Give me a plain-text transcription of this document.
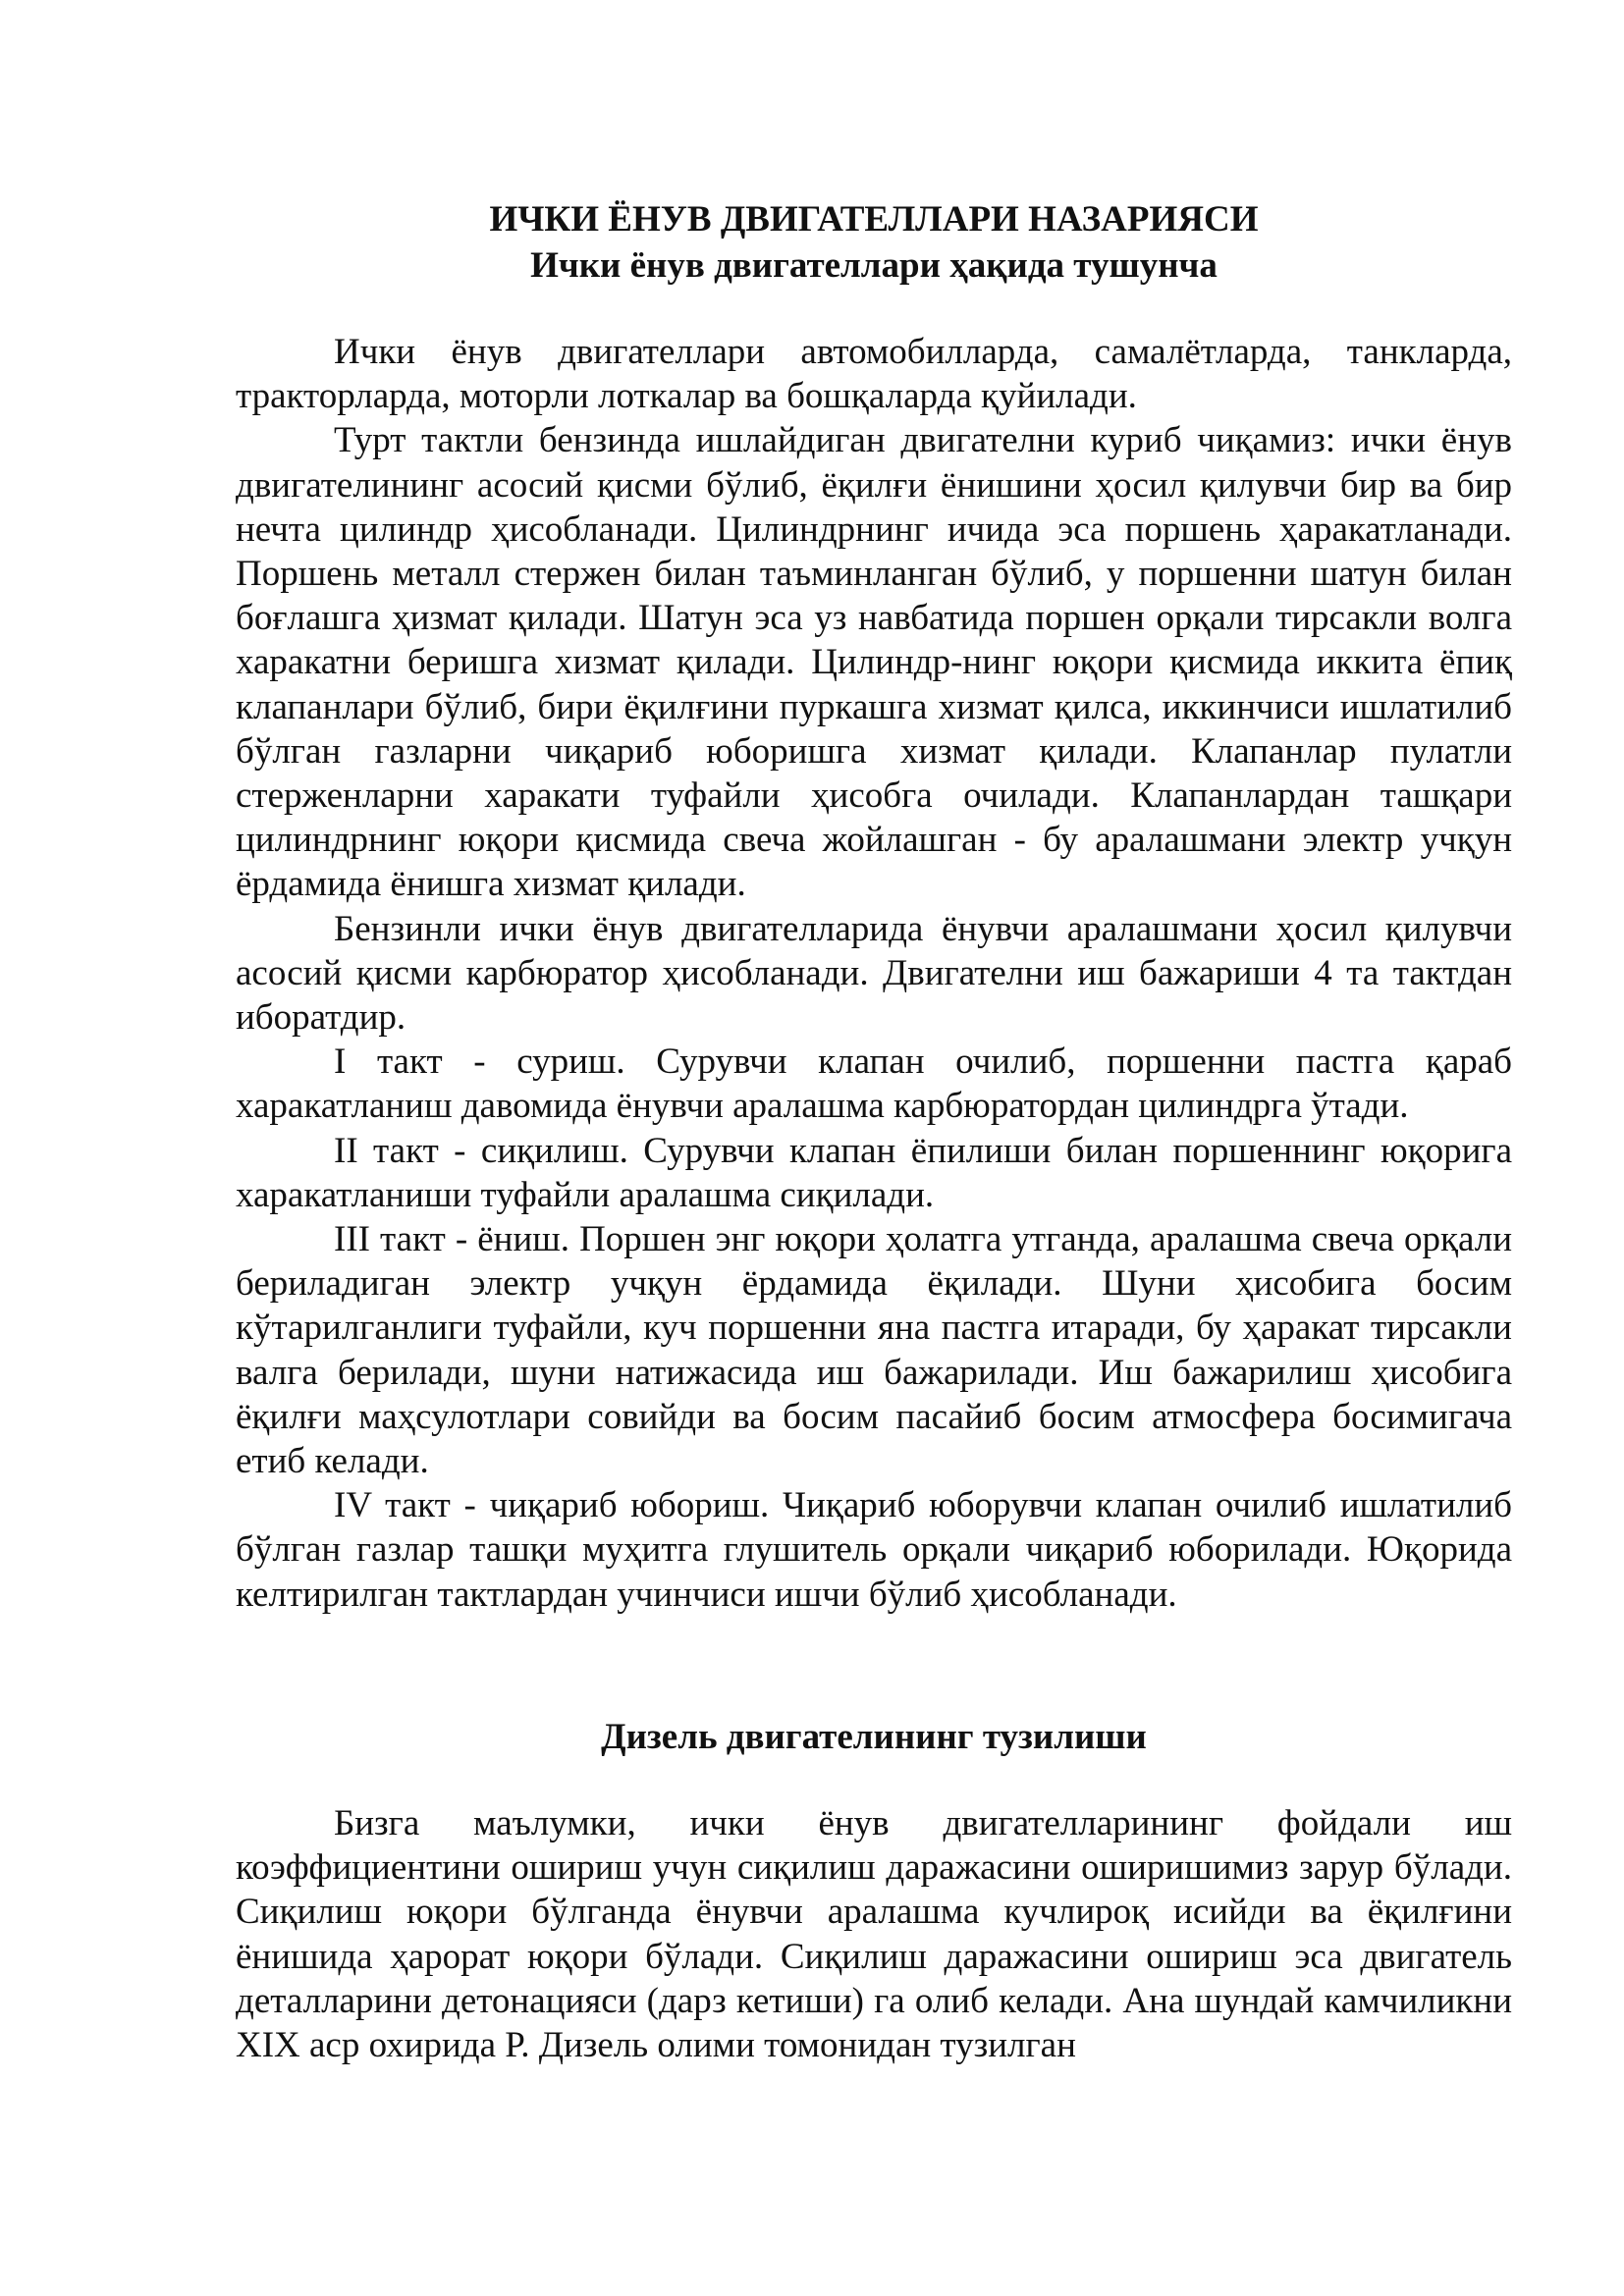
ИЧКИ ЁНУВ ДВИГАТЕЛЛАРИ НАЗАРИЯСИ
Ички ёнув двигателлари ҳақида тушунча

Ички ёнув двигателлари автомобилларда, самалётларда, танкларда, тракторларда, моторли лоткалар ва бошқаларда қуйилади.

Турт тактли бензинда ишлайдиган двигателни куриб чиқамиз: ички ёнув двигателининг асосий қисми бўлиб, ёқилғи ёнишини ҳосил қилувчи бир ва бир нечта цилиндр ҳисобланади. Цилиндрнинг ичида эса поршень ҳаракатланади. Поршень металл стержен билан таъминланган бўлиб, у поршенни шатун билан боғлашга ҳизмат қилади. Шатун эса уз навбатида поршен орқали тирсакли волга харакатни беришга хизмат қилади. Цилиндр-нинг юқори қисмида иккита ёпиқ клапанлари бўлиб, бири ёқилғини пуркашга хизмат қилса, иккинчиси ишлатилиб бўлган газларни чиқариб юборишга хизмат қилади. Клапанлар пулатли стерженларни харакати туфайли ҳисобга очилади. Клапанлардан ташқари цилиндрнинг юқори қисмида свеча жойлашган - бу аралашмани электр учқун ёрдамида ёнишга хизмат қилади.

Бензинли ички ёнув двигателларида ёнувчи аралашмани ҳосил қилувчи асосий қисми карбюратор ҳисобланади. Двигателни иш бажариши 4 та тактдан иборатдир.

I такт - суриш. Сурувчи клапан очилиб, поршенни пастга қараб харакатланиш давомида ёнувчи аралашма карбюратордан цилиндрга ўтади.

II такт - сиқилиш. Сурувчи клапан ёпилиши билан поршеннинг юқорига харакатланиши туфайли аралашма сиқилади.

III такт - ёниш. Поршен энг юқори ҳолатга утганда, аралашма свеча орқали бериладиган электр учқун ёрдамида ёқилади. Шуни ҳисобига босим кўтарилганлиги туфайли, куч поршенни яна пастга итаради, бу ҳаракат тирсакли валга берилади, шуни натижасида иш бажарилади. Иш бажарилиш ҳисобига ёқилғи маҳсулотлари совийди ва босим пасайиб босим атмосфера босимигача етиб келади.

IV такт - чиқариб юбориш. Чиқариб юборувчи клапан очилиб ишлатилиб бўлган газлар ташқи муҳитга глушитель орқали чиқариб юборилади. Юқорида келтирилган тактлардан учинчиси ишчи бўлиб ҳисобланади.

Дизель двигателининг тузилиши

Бизга маълумки, ички ёнув двигателларининг фойдали иш коэффициентини ошириш учун сиқилиш даражасини оширишимиз зарур бўлади. Сиқилиш юқори бўлганда ёнувчи аралашма кучлироқ исийди ва ёқилғини ёнишида ҳарорат юқори бўлади. Сиқилиш даражасини ошириш эса двигатель деталларини детонацияси (дарз кетиши) га олиб келади. Ана шундай камчиликни XIX аср охирида Р. Дизель олими томонидан тузилган
